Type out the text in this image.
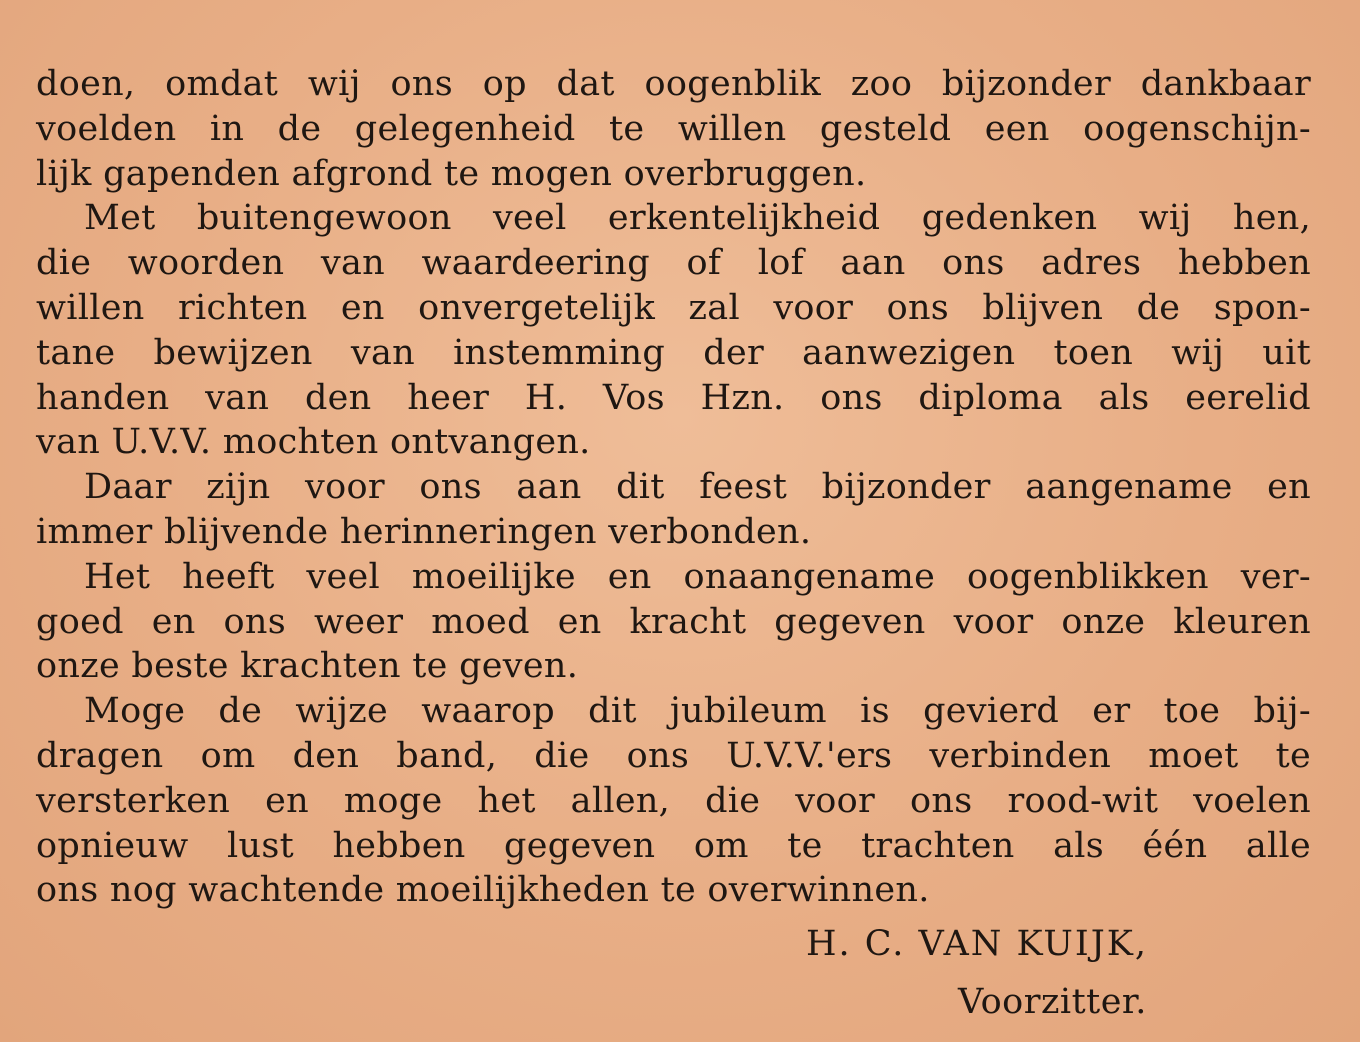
doen, omdat wij ons op dat oogenblik zoo bijzonder dankbaar
voelden in de gelegenheid te willen gesteld een oogenschijn-
lijk gapenden afgrond te mogen overbruggen.
Met buitengewoon veel erkentelijkheid gedenken wij hen,
die woorden van waardeering of lof aan ons adres hebben
willen richten en onvergetelijk zal voor ons blijven de spon-
tane bewijzen van instemming der aanwezigen toen wij uit
handen van den heer H. Vos Hzn. ons diploma als eerelid
van U.V.V. mochten ontvangen.
Daar zijn voor ons aan dit feest bijzonder aangename en
immer blijvende herinneringen verbonden.
Het heeft veel moeilijke en onaangename oogenblikken ver-
goed en ons weer moed en kracht gegeven voor onze kleuren
onze beste krachten te geven.
Moge de wijze waarop dit jubileum is gevierd er toe bij-
dragen om den band, die ons U.V.V.'ers verbinden moet te
versterken en moge het allen, die voor ons rood-wit voelen
opnieuw lust hebben gegeven om te trachten als één alle
ons nog wachtende moeilijkheden te overwinnen.
H. C. VAN KUIJK,
Voorzitter.
